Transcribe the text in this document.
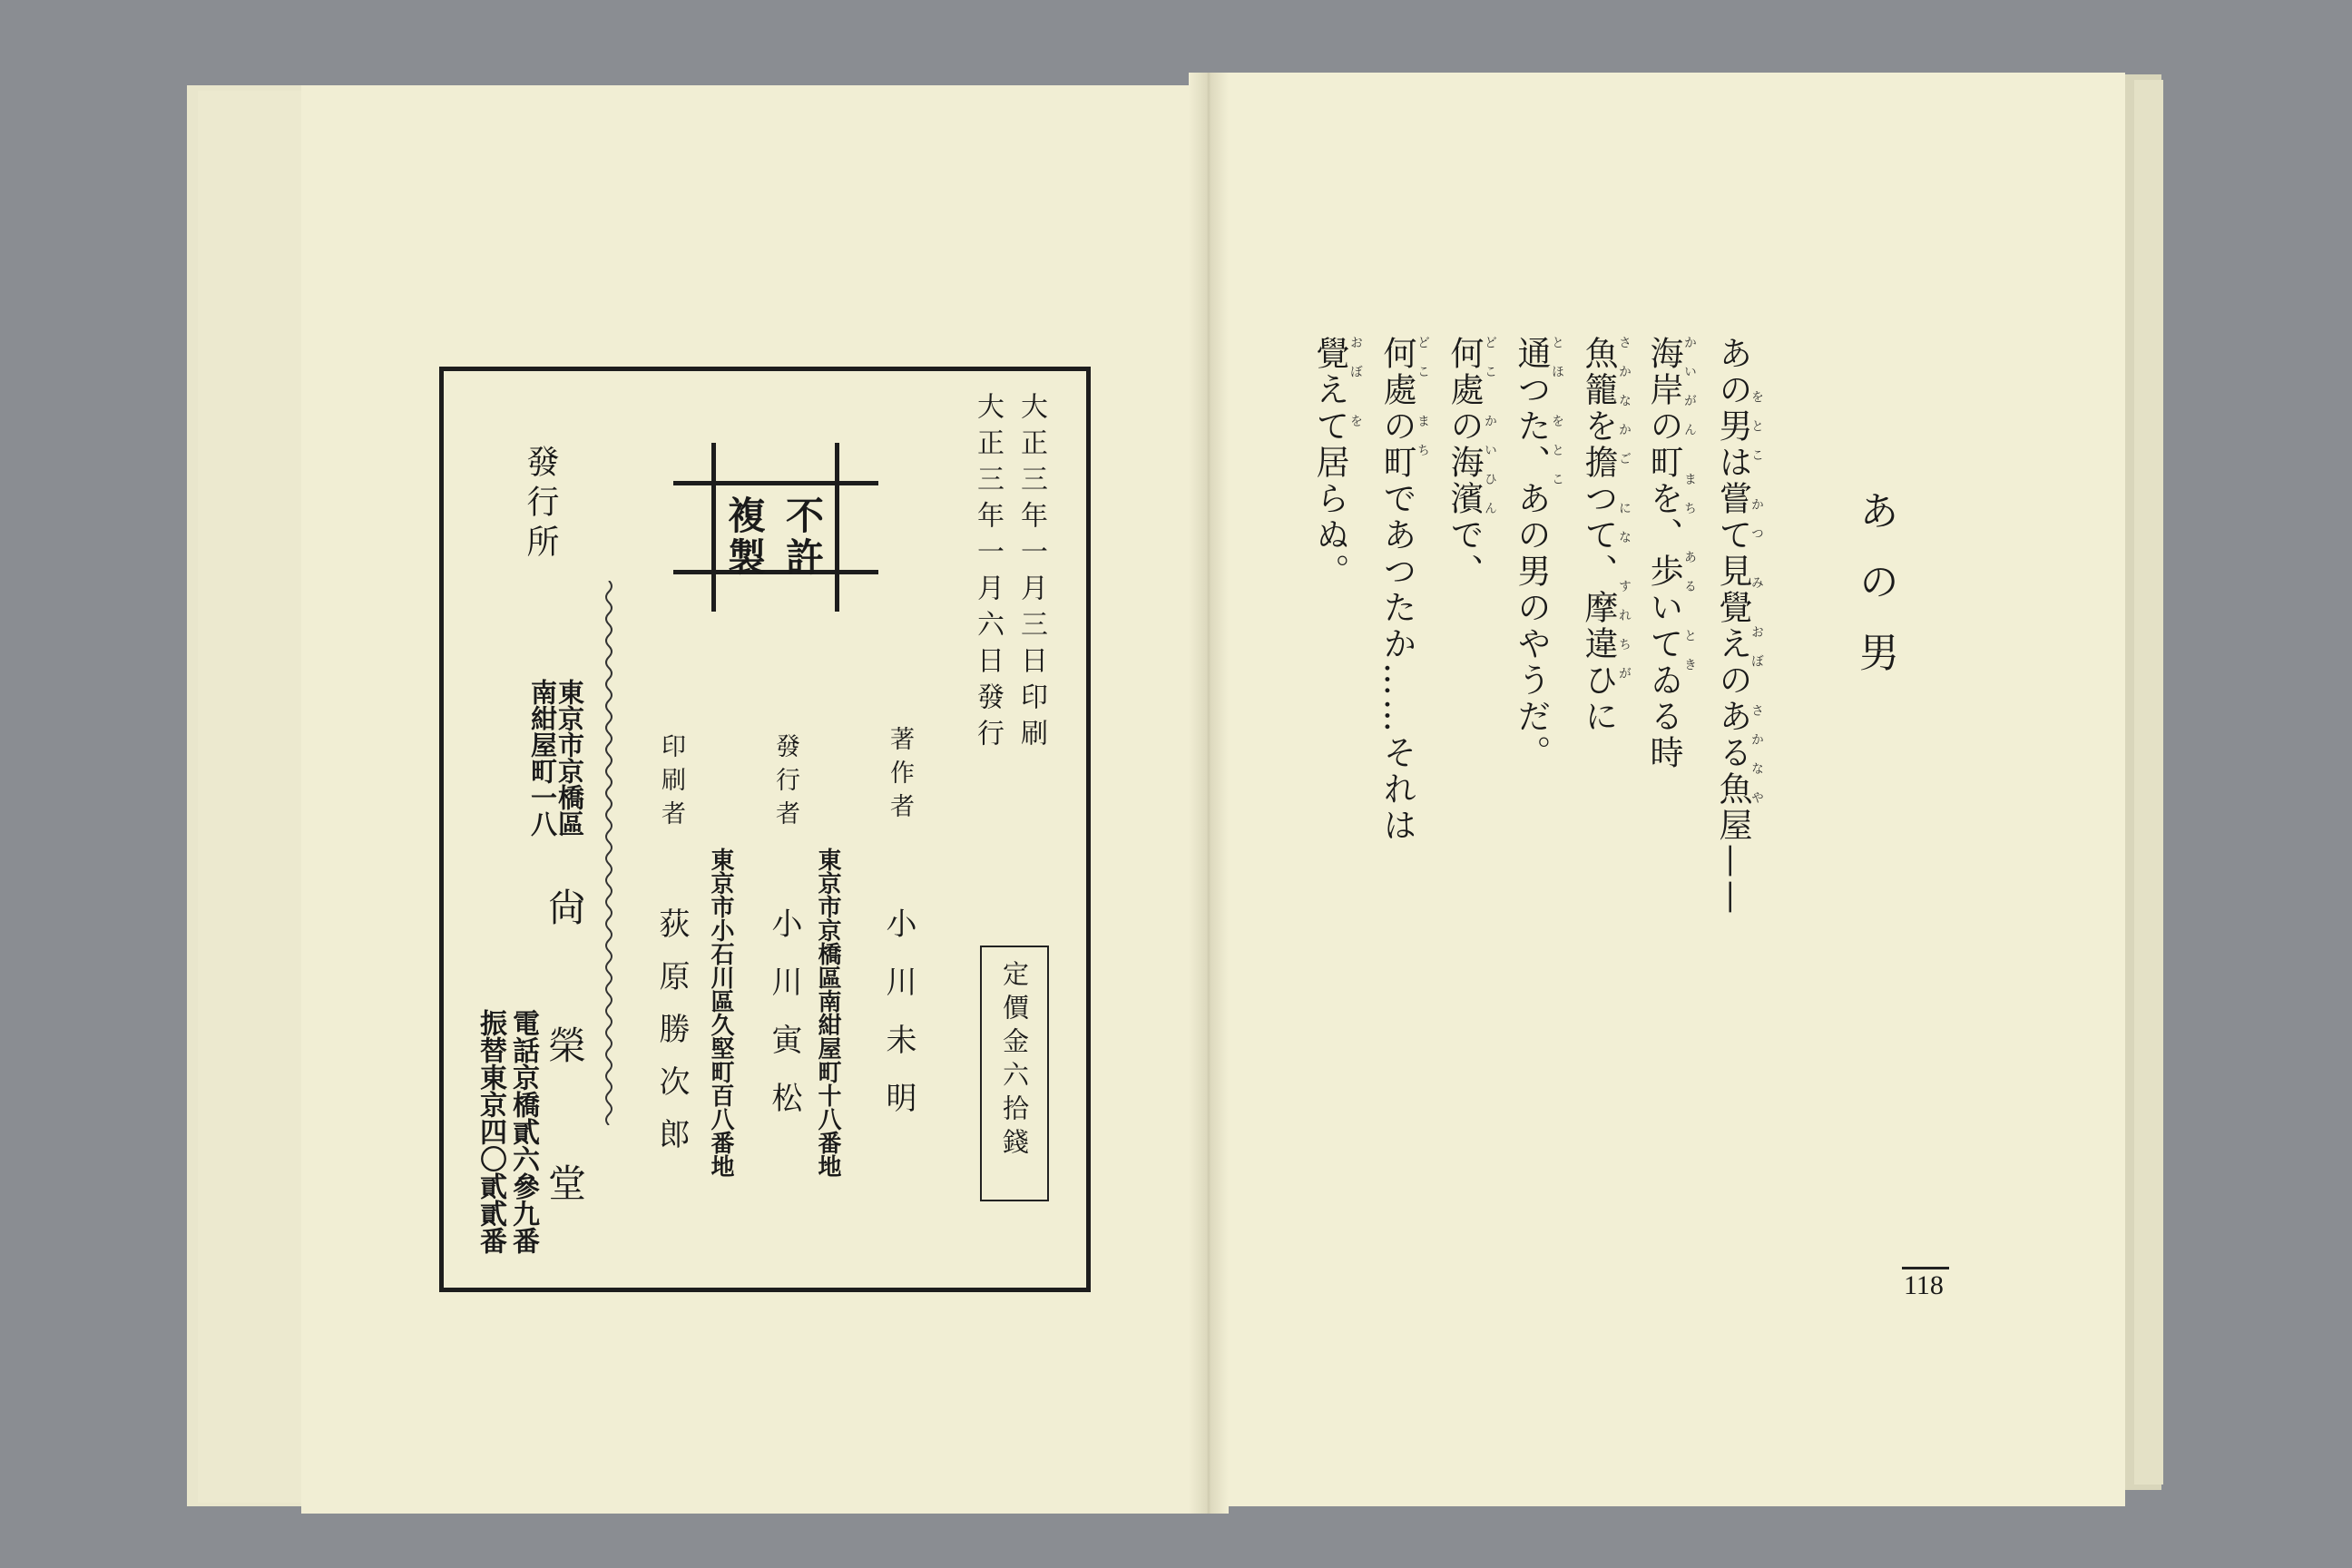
大正三年一月三日印刷
大正三年一月六日發行
不
許
複
製
定價金六拾錢
著作者
小川未明
東京市京橋區南紺屋町十八番地
發行者
小川寅松
東京市小石川區久堅町百八番地
印刷者
荻原勝次郎
發行所
東京市京橋區
南紺屋町一八
尙榮堂
電話京橋貳六參九番
振替東京四〇貳貳番
あの男
あの男は嘗て見覺えのある魚屋——
をとこ かつ み おぼ さかなや
海岸の町を、歩いてゐる時 かいがん まち ある とき
魚籠を擔つて、摩違ひに さかなかご にな すれちが
通つた、あの男のやうだ。 とほ をとこ
何處の海濱で、 どこ かいひん
何處の町であつたか……それは どこ まち
覺えて居らぬ。 おぼ を
118
